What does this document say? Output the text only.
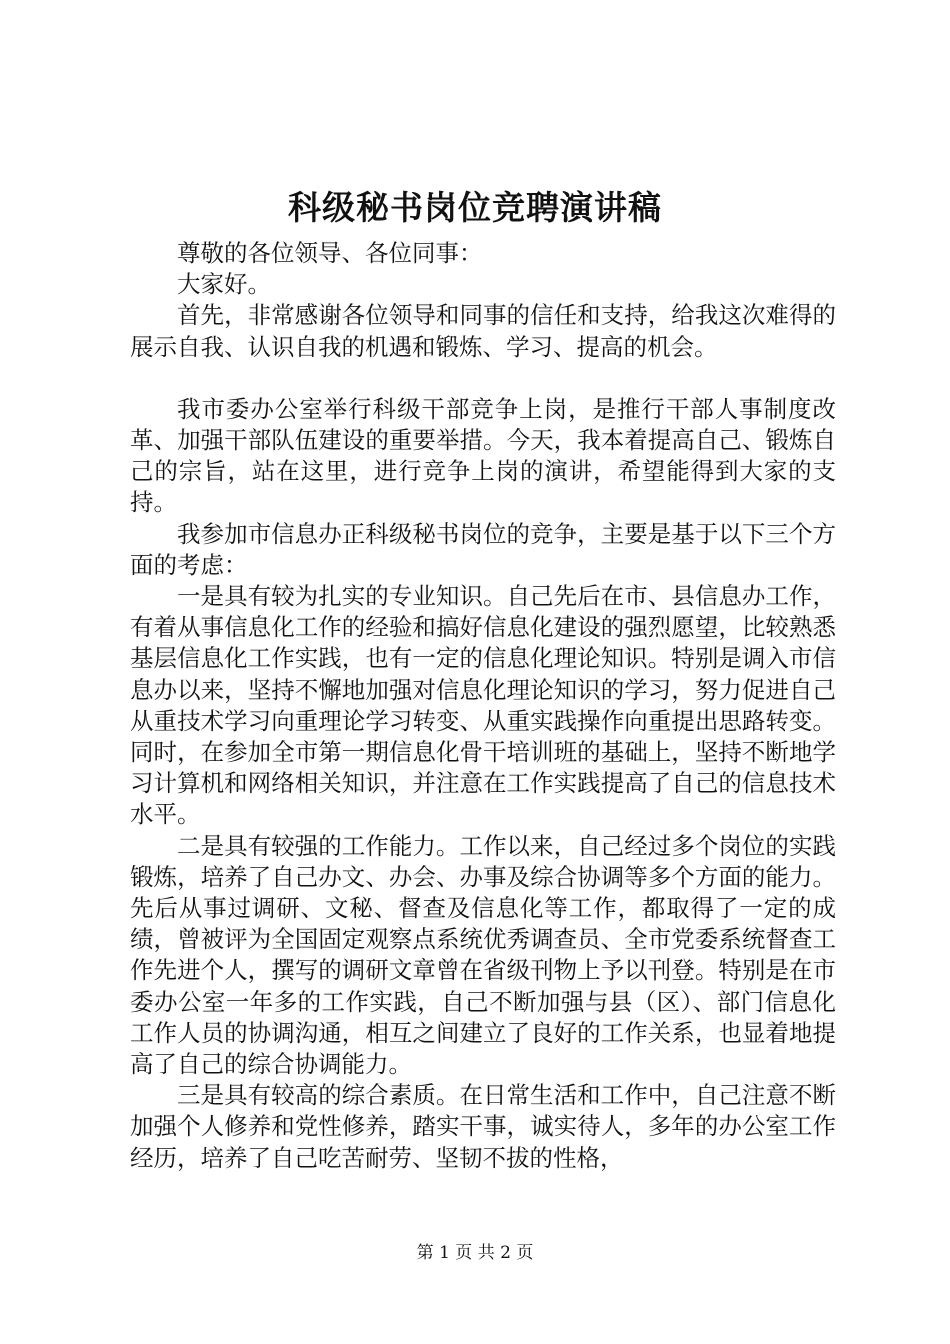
科级秘书岗位竞聘演讲稿

尊敬的各位领导、各位同事：

大家好。

首先，非常感谢各位领导和同事的信任和支持，给我这次难得的展示自我、认识自我的机遇和锻炼、学习、提高的机会。

我市委办公室举行科级干部竞争上岗，是推行干部人事制度改革、加强干部队伍建设的重要举措。今天，我本着提高自己、锻炼自己的宗旨，站在这里，进行竞争上岗的演讲，希望能得到大家的支持。

我参加市信息办正科级秘书岗位的竞争，主要是基于以下三个方面的考虑：

一是具有较为扎实的专业知识。自己先后在市、县信息办工作，有着从事信息化工作的经验和搞好信息化建设的强烈愿望，比较熟悉基层信息化工作实践，也有一定的信息化理论知识。特别是调入市信息办以来，坚持不懈地加强对信息化理论知识的学习，努力促进自己从重技术学习向重理论学习转变、从重实践操作向重提出思路转变。同时，在参加全市第一期信息化骨干培训班的基础上，坚持不断地学习计算机和网络相关知识，并注意在工作实践提高了自己的信息技术水平。

二是具有较强的工作能力。工作以来，自己经过多个岗位的实践锻炼，培养了自己办文、办会、办事及综合协调等多个方面的能力。先后从事过调研、文秘、督查及信息化等工作，都取得了一定的成绩，曾被评为全国固定观察点系统优秀调查员、全市党委系统督查工作先进个人，撰写的调研文章曾在省级刊物上予以刊登。特别是在市委办公室一年多的工作实践，自己不断加强与县（区）、部门信息化工作人员的协调沟通，相互之间建立了良好的工作关系，也显着地提高了自己的综合协调能力。

三是具有较高的综合素质。在日常生活和工作中，自己注意不断加强个人修养和党性修养，踏实干事，诚实待人，多年的办公室工作经历，培养了自己吃苦耐劳、坚韧不拔的性格，

第 1 页 共 2 页
